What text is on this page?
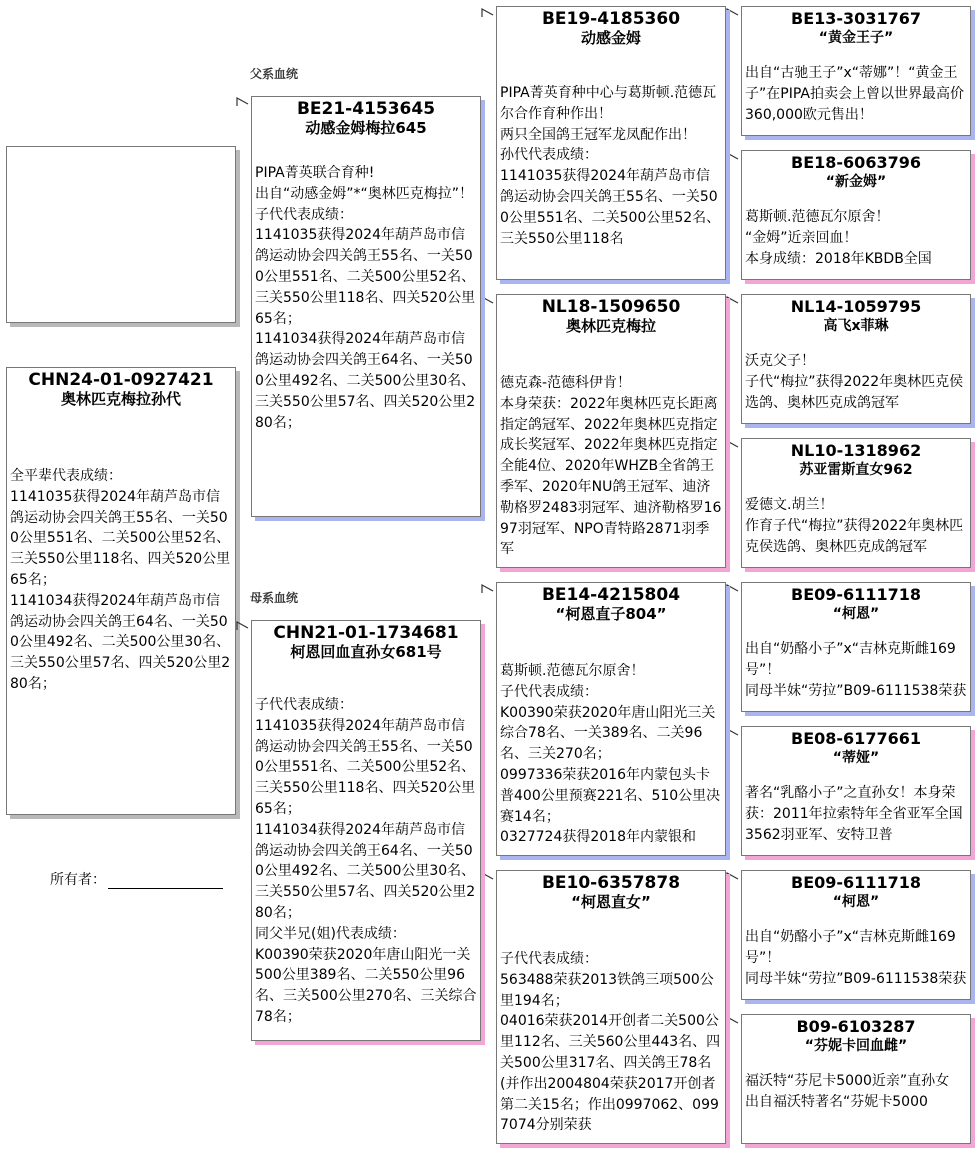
CHN24-01-0927421
奥林匹克梅拉孙代
全平辈代表成绩：
1141035获得2024年葫芦岛市信鸽运动协会四关鸽王55名、一关500公里551名、二关500公里52名、三关550公里118名、四关520公里65名；
1141034获得2024年葫芦岛市信鸽运动协会四关鸽王64名、一关500公里492名、二关500公里30名、三关550公里57名、四关520公里280名；
所有者：
父系血统
母系血统
BE21-4153645
动感金姆梅拉645
PIPA菁英联合育种!
出自“动感金姆”*“奥林匹克梅拉”！
子代代表成绩：
1141035获得2024年葫芦岛市信鸽运动协会四关鸽王55名、一关500公里551名、二关500公里52名、三关550公里118名、四关520公里65名；
1141034获得2024年葫芦岛市信鸽运动协会四关鸽王64名、一关500公里492名、二关500公里30名、三关550公里57名、四关520公里280名；
CHN21-01-1734681
柯恩回血直孙女681号
子代代表成绩：
1141035获得2024年葫芦岛市信鸽运动协会四关鸽王55名、一关500公里551名、二关500公里52名、三关550公里118名、四关520公里65名；
1141034获得2024年葫芦岛市信鸽运动协会四关鸽王64名、一关500公里492名、二关500公里30名、三关550公里57名、四关520公里280名；
同父半兄(姐)代表成绩：
K00390荣获2020年唐山阳光一关500公里389名、二关550公里96名、三关500公里270名、三关综合78名；
BE19-4185360
动感金姆
PIPA菁英育种中心与葛斯顿.范德瓦尔合作育种作出！
两只全国鸽王冠军龙凤配作出！
孙代代表成绩：
1141035获得2024年葫芦岛市信鸽运动协会四关鸽王55名、一关500公里551名、二关500公里52名、三关550公里118名
NL18-1509650
奥林匹克梅拉
德克森-范德科伊肯！
本身荣获：2022年奥林匹克长距离指定鸽冠军、2022年奥林匹克指定成长奖冠军、2022年奥林匹克指定全能4位、2020年WHZB全省鸽王季军、2020年NU鸽王冠军、迪济勒格罗2483羽冠军、迪济勒格罗1697羽冠军、NPO青特路2871羽季军
BE14-4215804
“柯恩直子804”
葛斯顿.范德瓦尔原舍！
子代代表成绩：
K00390荣获2020年唐山阳光三关综合78名、一关389名、二关96名、三关270名；
0997336荣获2016年内蒙包头卡普400公里预赛221名、510公里决赛14名；
0327724获得2018年内蒙银和
BE10-6357878
“柯恩直女”
子代代表成绩：
563488荣获2013铁鸽三项500公里194名；
04016荣获2014开创者二关500公里112名、三关560公里443名、四关500公里317名、四关鸽王78名(并作出2004804荣获2017开创者第二关15名；作出0997062、0997074分别荣获
BE13-3031767
“黄金王子”
出自“古驰王子”x“蒂娜”！“黄金王子”在PIPA拍卖会上曾以世界最高价360,000欧元售出！
BE18-6063796
“新金姆”
葛斯顿.范德瓦尔原舍！
“金姆”近亲回血！
本身成绩：2018年KBDB全国
NL14-1059795
高飞x菲琳
沃克父子！
子代“梅拉”获得2022年奥林匹克侯选鸽、奥林匹克成鸽冠军
NL10-1318962
苏亚雷斯直女962
爱德文.胡兰！
作育子代“梅拉”获得2022年奥林匹克侯选鸽、奥林匹克成鸽冠军
BE09-6111718
“柯恩”
出自“奶酪小子”x“吉林克斯雌169号”！
同母半妹“劳拉”B09-6111538荣获
BE08-6177661
“蒂娅”
著名“乳酪小子”之直孙女！本身荣获：2011年拉索特年全省亚军全国3562羽亚军、安特卫普
BE09-6111718
“柯恩”
出自“奶酪小子”x“吉林克斯雌169号”！
同母半妹“劳拉”B09-6111538荣获
B09-6103287
“芬妮卡回血雌”
福沃特“芬尼卡5000近亲”直孙女
出自福沃特著名“芬妮卡5000
